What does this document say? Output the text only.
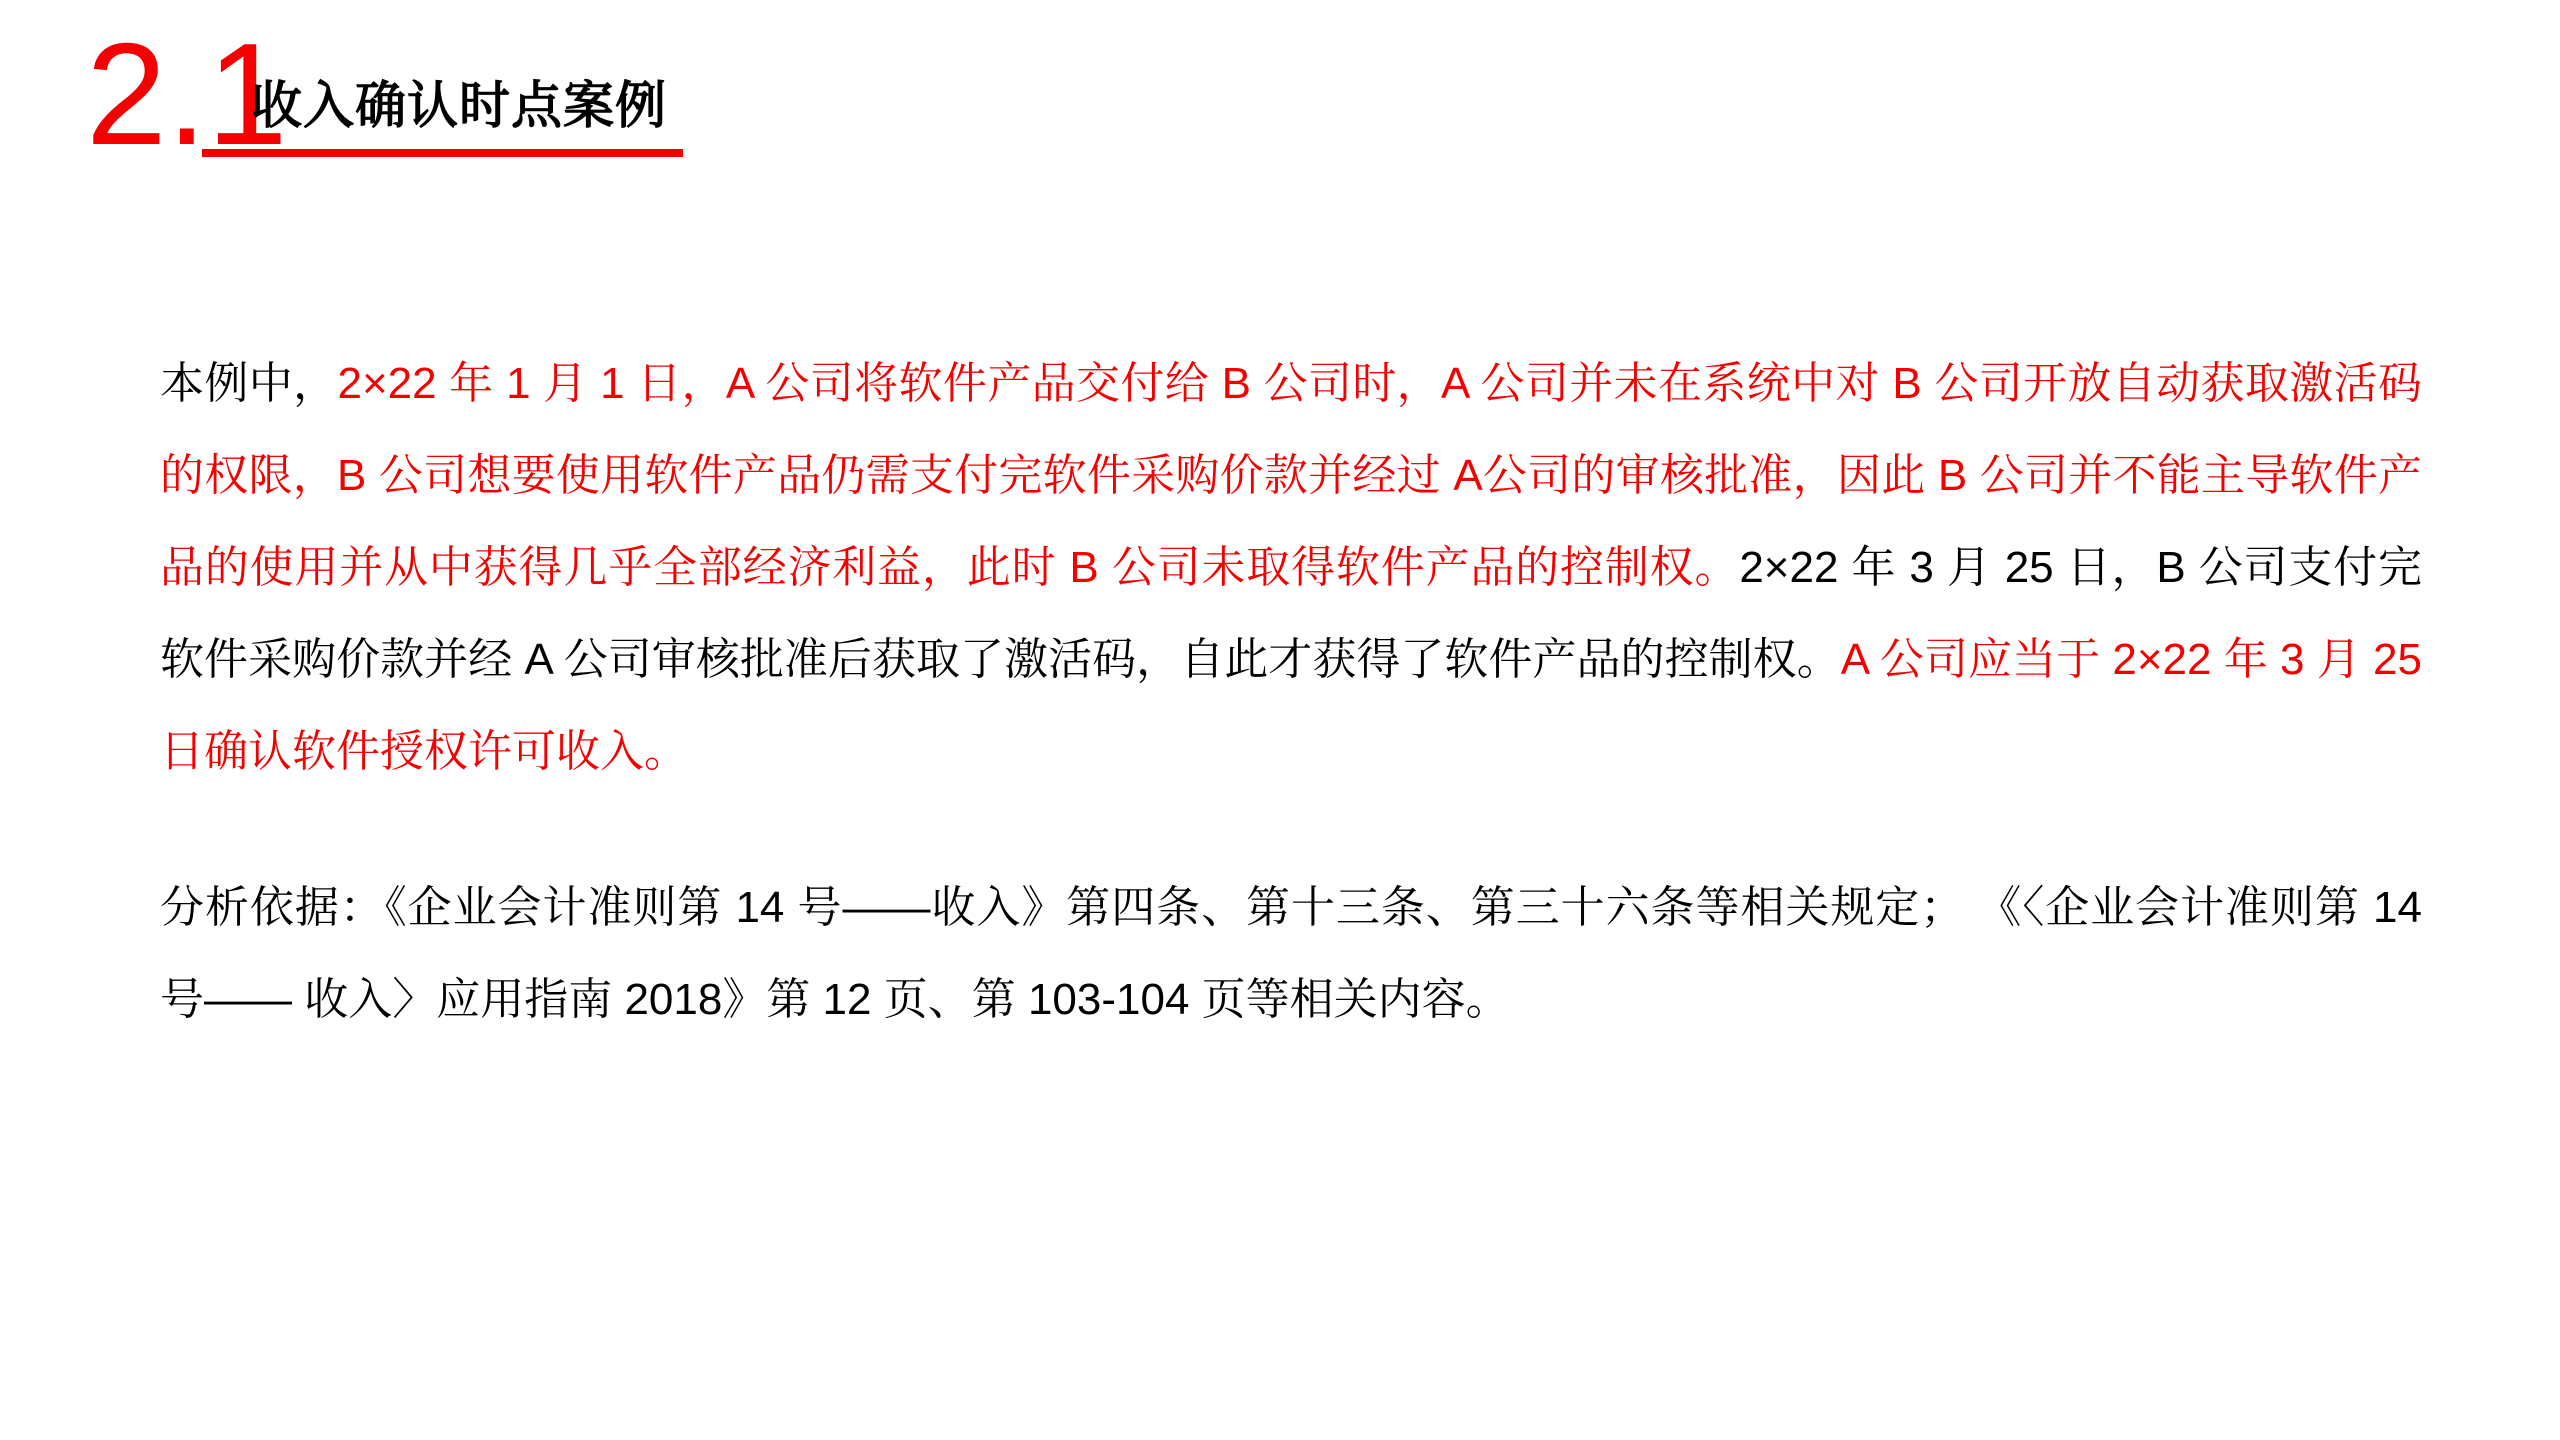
2.1
收入确认时点案例

本例中，2×22 年 1 月 1 日，A 公司将软件产品交付给 B 公司时，A 公司并未在系统中对 B 公司开放自动获取激活码的权限，B 公司想要使用软件产品仍需支付完软件采购价款并经过 A公司的审核批准，因此 B 公司并不能主导软件产品的使用并从中获得几乎全部经济利益，此时 B 公司未取得软件产品的控制权。2×22 年 3 月 25 日，B 公司支付完软件采购价款并经 A 公司审核批准后获取了激活码，自此才获得了软件产品的控制权。A 公司应当于 2×22 年 3 月 25 日确认软件授权许可收入。

分析依据：《企业会计准则第 14 号——收入》第四条、第十三条、第三十六条等相关规定； 《〈企业会计准则第 14 号—— 收入〉应用指南 2018》第 12 页、第 103-104 页等相关内容。
